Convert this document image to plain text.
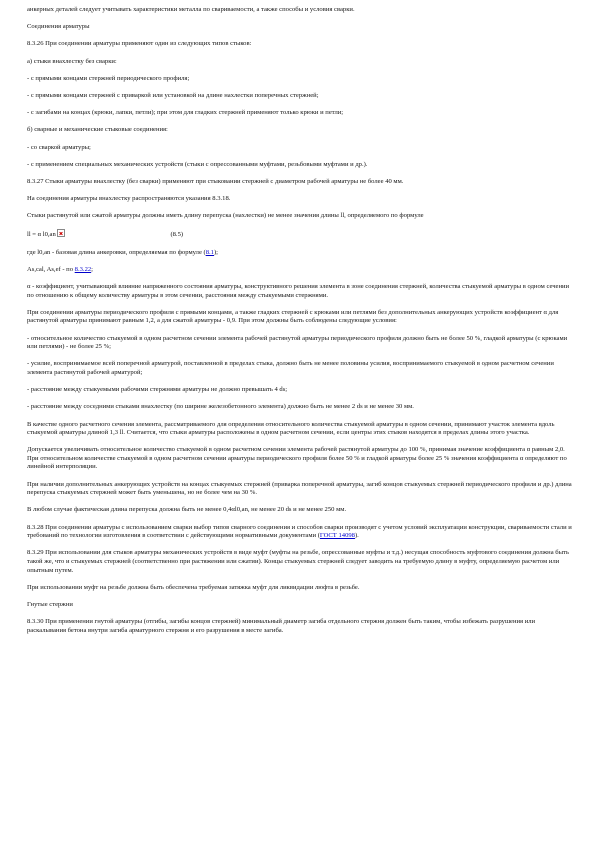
анкерных деталей следует учитывать характеристики металла по свариваемости, а также способы и условия сварки.

Соединения арматуры

8.3.26 При соединении арматуры применяют один из следующих типов стыков:

а) стыки внахлестку без сварки:

- с прямыми концами стержней периодического профиля;

- с прямыми концами стержней с приваркой или установкой на длине нахлестки поперечных стержней;

- с загибами на концах (крюки, лапки, петли); при этом для гладких стержней применяют только крюки и петли;

б) сварные и механические стыковые соединения:

- со сваркой арматуры;

- с применением специальных механических устройств (стыки с опрессованными муфтами, резьбовыми муфтами и др.).

8.3.27 Стыки арматуры внахлестку (без сварки) применяют при стыковании стержней с диаметром рабочей арматуры не более 40 мм.

На соединения арматуры внахлестку распространяются указания 8.3.18.

Стыки растянутой или сжатой арматуры должны иметь длину перепуска (нахлестки) не менее значения длины ll, определяемого по формуле

ll = α l0,an	(8.5)

где l0,an - базовая длина анкеровки, определяемая по формуле (8.1);

As,cal, As,ef - по 8.3.22;

α - коэффициент, учитывающий влияние напряженного состояния арматуры, конструктивного решения элемента в зоне соединения стержней, количества стыкуемой арматуры в одном сечении по отношению к общему количеству арматуры в этом сечении, расстояния между стыкуемыми стержнями.

При соединении арматуры периодического профиля с прямыми концами, а также гладких стержней с крюками или петлями без дополнительных анкерующих устройств коэффициент α для растянутой арматуры принимают равным 1,2, а для сжатой арматуры - 0,9. При этом должны быть соблюдены следующие условия:

- относительное количество стыкуемой в одном расчетном сечении элемента рабочей растянутой арматуры периодического профиля должно быть не более 50 %, гладкой арматуры (с крюками или петлями) - не более 25 %;

- усилие, воспринимаемое всей поперечной арматурой, поставленной в пределах стыка, должно быть не менее половины усилия, воспринимаемого стыкуемой в одном расчетном сечении элемента растянутой рабочей арматурой;

- расстояние между стыкуемыми рабочими стержнями арматуры не должно превышать 4 ds;

- расстояние между соседними стыками внахлестку (по ширине железобетонного элемента) должно быть не менее 2 ds и не менее 30 мм.

В качестве одного расчетного сечения элемента, рассматриваемого для определения относительного количества стыкуемой арматуры в одном сечении, принимают участок элемента вдоль стыкуемой арматуры длиной 1,3 ll. Считается, что стыки арматуры расположены в одном расчетном сечении, если центры этих стыков находятся в пределах длины этого участка.

Допускается увеличивать относительное количество стыкуемой в одном расчетном сечении элемента рабочей растянутой арматуры до 100 %, принимая значение коэффициента α равным 2,0. При относительном количестве стыкуемой в одном расчетном сечении арматуры периодического профиля более 50 % и гладкой арматуры более 25 % значения коэффициента α определяют по линейной интерполяции.

При наличии дополнительных анкерующих устройств на концах стыкуемых стержней (приварка поперечной арматуры, загиб концов стыкуемых стержней периодического профиля и др.) длина перепуска стыкуемых стержней может быть уменьшена, но не более чем на 30 %.

В любом случае фактическая длина перепуска должна быть не менее 0,4αl0,an, не менее 20 ds и не менее 250 мм.

8.3.28 При соединении арматуры с использованием сварки выбор типов сварного соединения и способов сварки производят с учетом условий эксплуатации конструкции, свариваемости стали и требований по технологии изготовления в соответствии с действующими нормативными документами (ГОСТ 14098).

8.3.29 При использовании для стыков арматуры механических устройств в виде муфт (муфты на резьбе, опрессованные муфты и т.д.) несущая способность муфтового соединения должна быть такой же, что и стыкуемых стержней (соответственно при растяжении или сжатии). Концы стыкуемых стержней следует заводить на требуемую длину в муфту, определяемую расчетом или опытным путем.

При использовании муфт на резьбе должна быть обеспечена требуемая затяжка муфт для ликвидации люфта в резьбе.

Гнутые стержни

8.3.30 При применении гнутой арматуры (отгибы, загибы концов стержней) минимальный диаметр загиба отдельного стержня должен быть таким, чтобы избежать разрушения или раскалывания бетона внутри загиба арматурного стержня и его разрушения в месте загиба.
